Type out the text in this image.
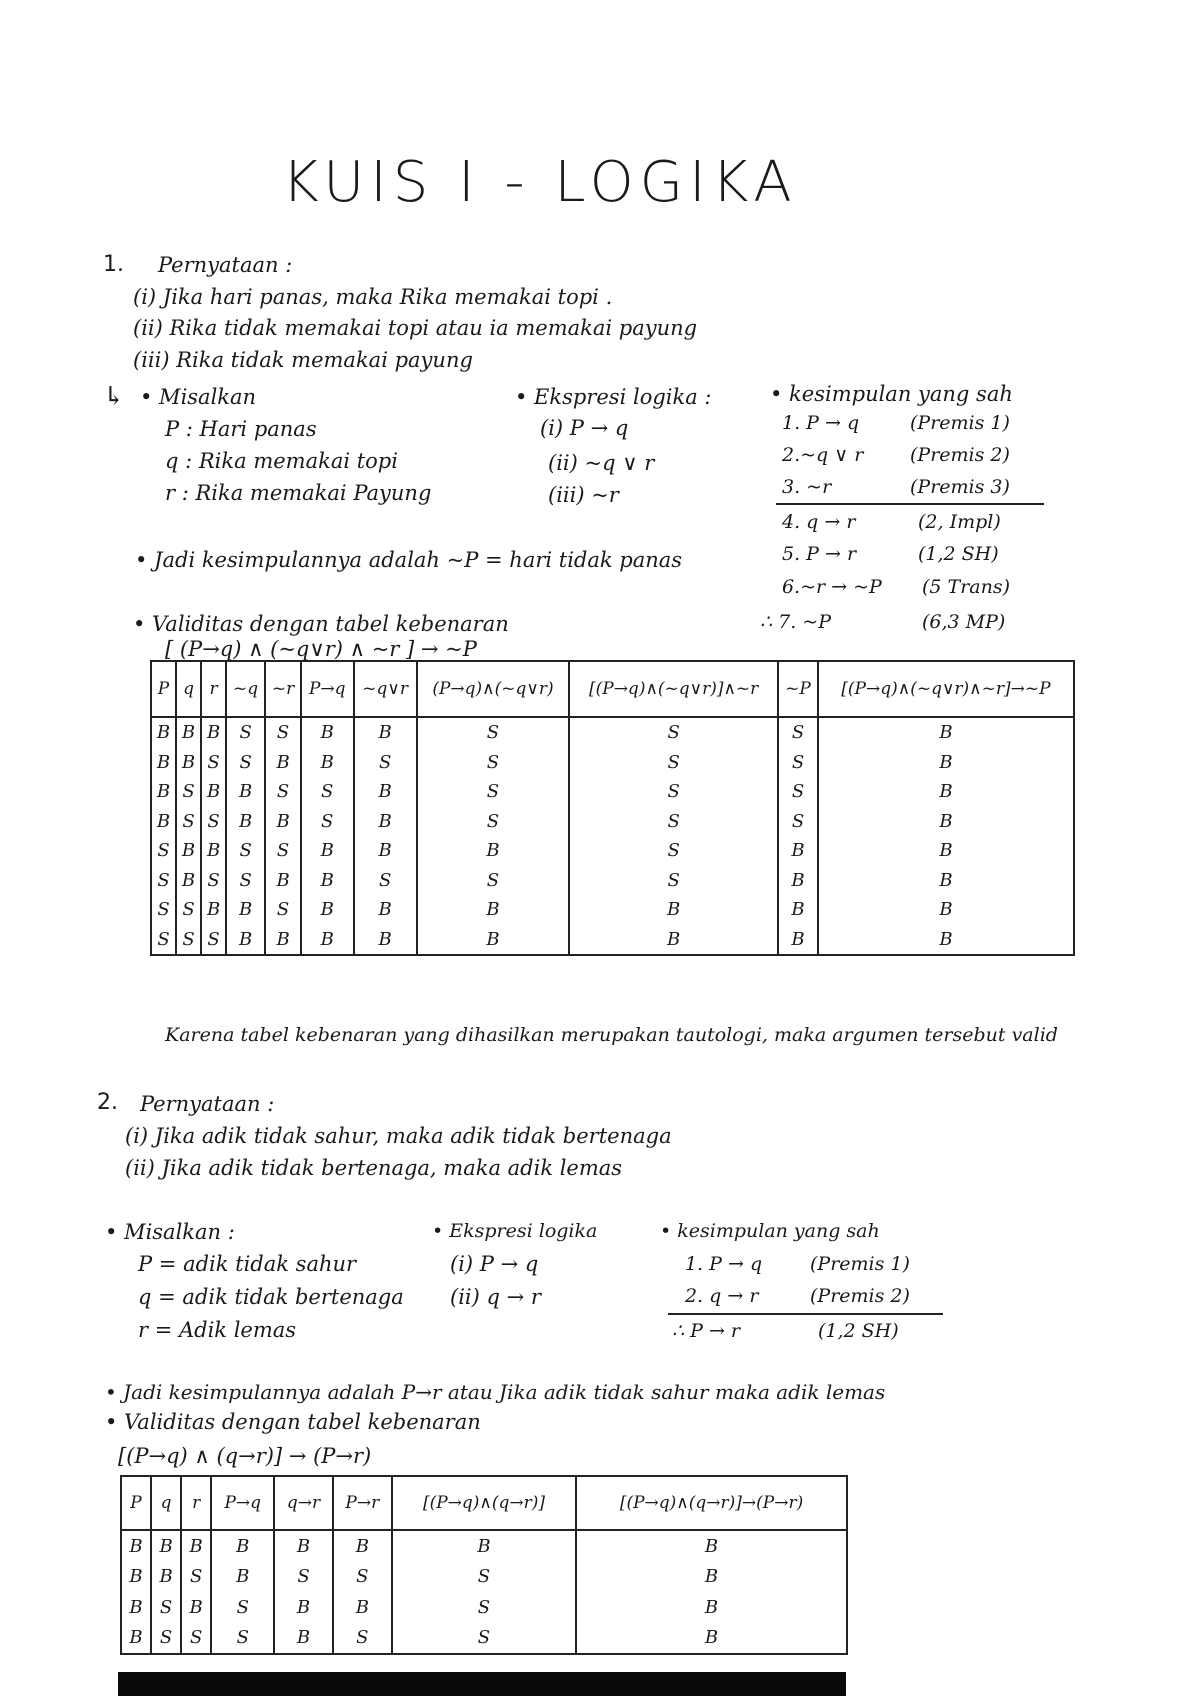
KUIS I - LOGIKA
1. Pernyataan :
(i) Jika hari panas, maka Rika memakai topi .
(ii) Rika tidak memakai topi atau ia memakai payung
(iii) Rika tidak memakai payung
↳ • Misalkan
P : Hari panas
q : Rika memakai topi
r : Rika memakai Payung
• Ekspresi logika :
(i) P → q
(ii) ~q ∨ r
(iii) ~r
• kesimpulan yang sah
1. P → q	(Premis 1)
2.~q ∨ r (Premis 2)
3. ~r	(Premis 3)
4. q → r	(2, Impl)
5. P → r	(1,2 SH)
6.~r → ~P (5 Trans)
∴ 7. ~P	(6,3 MP)
• Jadi kesimpulannya adalah ~P = hari tidak panas
• Validitas dengan tabel kebenaran
[ (P→q) ∧ (~q∨r) ∧ ~r ] → ~P
P	q	r	~q	~r	P→q	~q∨r	(P→q)∧(~q∨r)	[(P→q)∧(~q∨r)]∧~r	~P	[(P→q)∧(~q∨r)∧~r]→~P
B	B	B	S	S	B	B	S	S	S	B
B	B	S	S	B	B	S	S	S	S	B
B	S	B	B	S	S	B	S	S	S	B
B	S	S	B	B	S	B	S	S	S	B
S	B	B	S	S	B	B	B	S	B	B
S	B	S	S	B	B	S	S	S	B	B
S	S	B	B	S	B	B	B	B	B	B
S	S	S	B	B	B	B	B	B	B	B
Karena tabel kebenaran yang dihasilkan merupakan tautologi, maka argumen tersebut valid
2. Pernyataan :
(i) Jika adik tidak sahur, maka adik tidak bertenaga
(ii) Jika adik tidak bertenaga, maka adik lemas
• Misalkan :
P = adik tidak sahur
q = adik tidak bertenaga
r = Adik lemas
• Ekspresi logika
(i) P → q
(ii) q → r
• kesimpulan yang sah
1. P → q	(Premis 1)
2. q → r	(Premis 2)
∴ P → r	(1,2 SH)
• Jadi kesimpulannya adalah P→r atau Jika adik tidak sahur maka adik lemas
• Validitas dengan tabel kebenaran
[(P→q) ∧ (q→r)] → (P→r)
P	q	r	P→q	q→r	P→r	[(P→q)∧(q→r)]	[(P→q)∧(q→r)]→(P→r)
B	B	B	B	B	B	B	B
B	B	S	B	S	S	S	B
B	S	B	S	B	B	S	B
B	S	S	S	B	S	S	B
